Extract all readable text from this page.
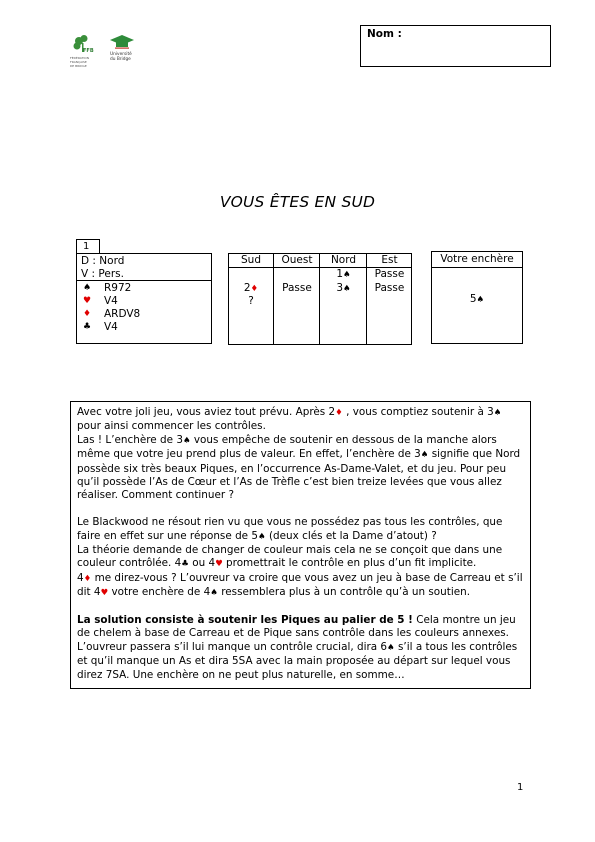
FFB
FÉDÉRATION
FRANÇAISE
DE BRIDGE
Université
du Bridge
Nom :
VOUS ÊTES EN SUD
1
D : Nord
V : Pers.
♠ R972
♥ V4
♦ ARDV8
♣ V4
Sud
2♦
?
Ouest
Passe
Nord
1♠
3♠
Est
Passe
Passe
Votre enchère
5♠

Avec votre joli jeu, vous aviez tout prévu. Après 2♦ , vous comptiez soutenir à 3♠ pour ainsi commencer les contrôles.

Las ! L’enchère de 3♠ vous empêche de soutenir en dessous de la manche alors même que votre jeu prend plus de valeur. En efet, l’enchère de 3♠ signife que Nord possède six très beaux Piques, en l’occurrence As-Dame-Valet, et du jeu. Pour peu qu’il possède l’As de Cœur et l’As de Trèfe c’est bien treize levées que vous allez réaliser. Comment continuer ?

Le Blackwood ne résout rien vu que vous ne possédez pas tous les contrôles, que faire en efet sur une réponse de 5♠ (deux clés et la Dame d’atout) ?

La théorie demande de changer de couleur mais cela ne se conçoit que dans une couleur contrôlée. 4♣ ou 4♥ promettrait le contrôle en plus d’un ft implicite.

4♦ me direz-vous ? L’ouvreur va croire que vous avez un jeu à base de Carreau et s’il dit 4♥ votre enchère de 4♠ ressemblera plus à un contrôle qu’à un soutien.

La solution consiste à soutenir les Piques au palier de 5 ! Cela montre un jeu de chelem à base de Carreau et de Pique sans contrôle dans les couleurs annexes. L’ouvreur passera s’il lui manque un contrôle crucial, dira 6♠ s’il a tous les contrôles et qu’il manque un As et dira 5SA avec la main proposée au départ sur lequel vous direz 7SA. Une enchère on ne peut plus naturelle, en somme…

1
